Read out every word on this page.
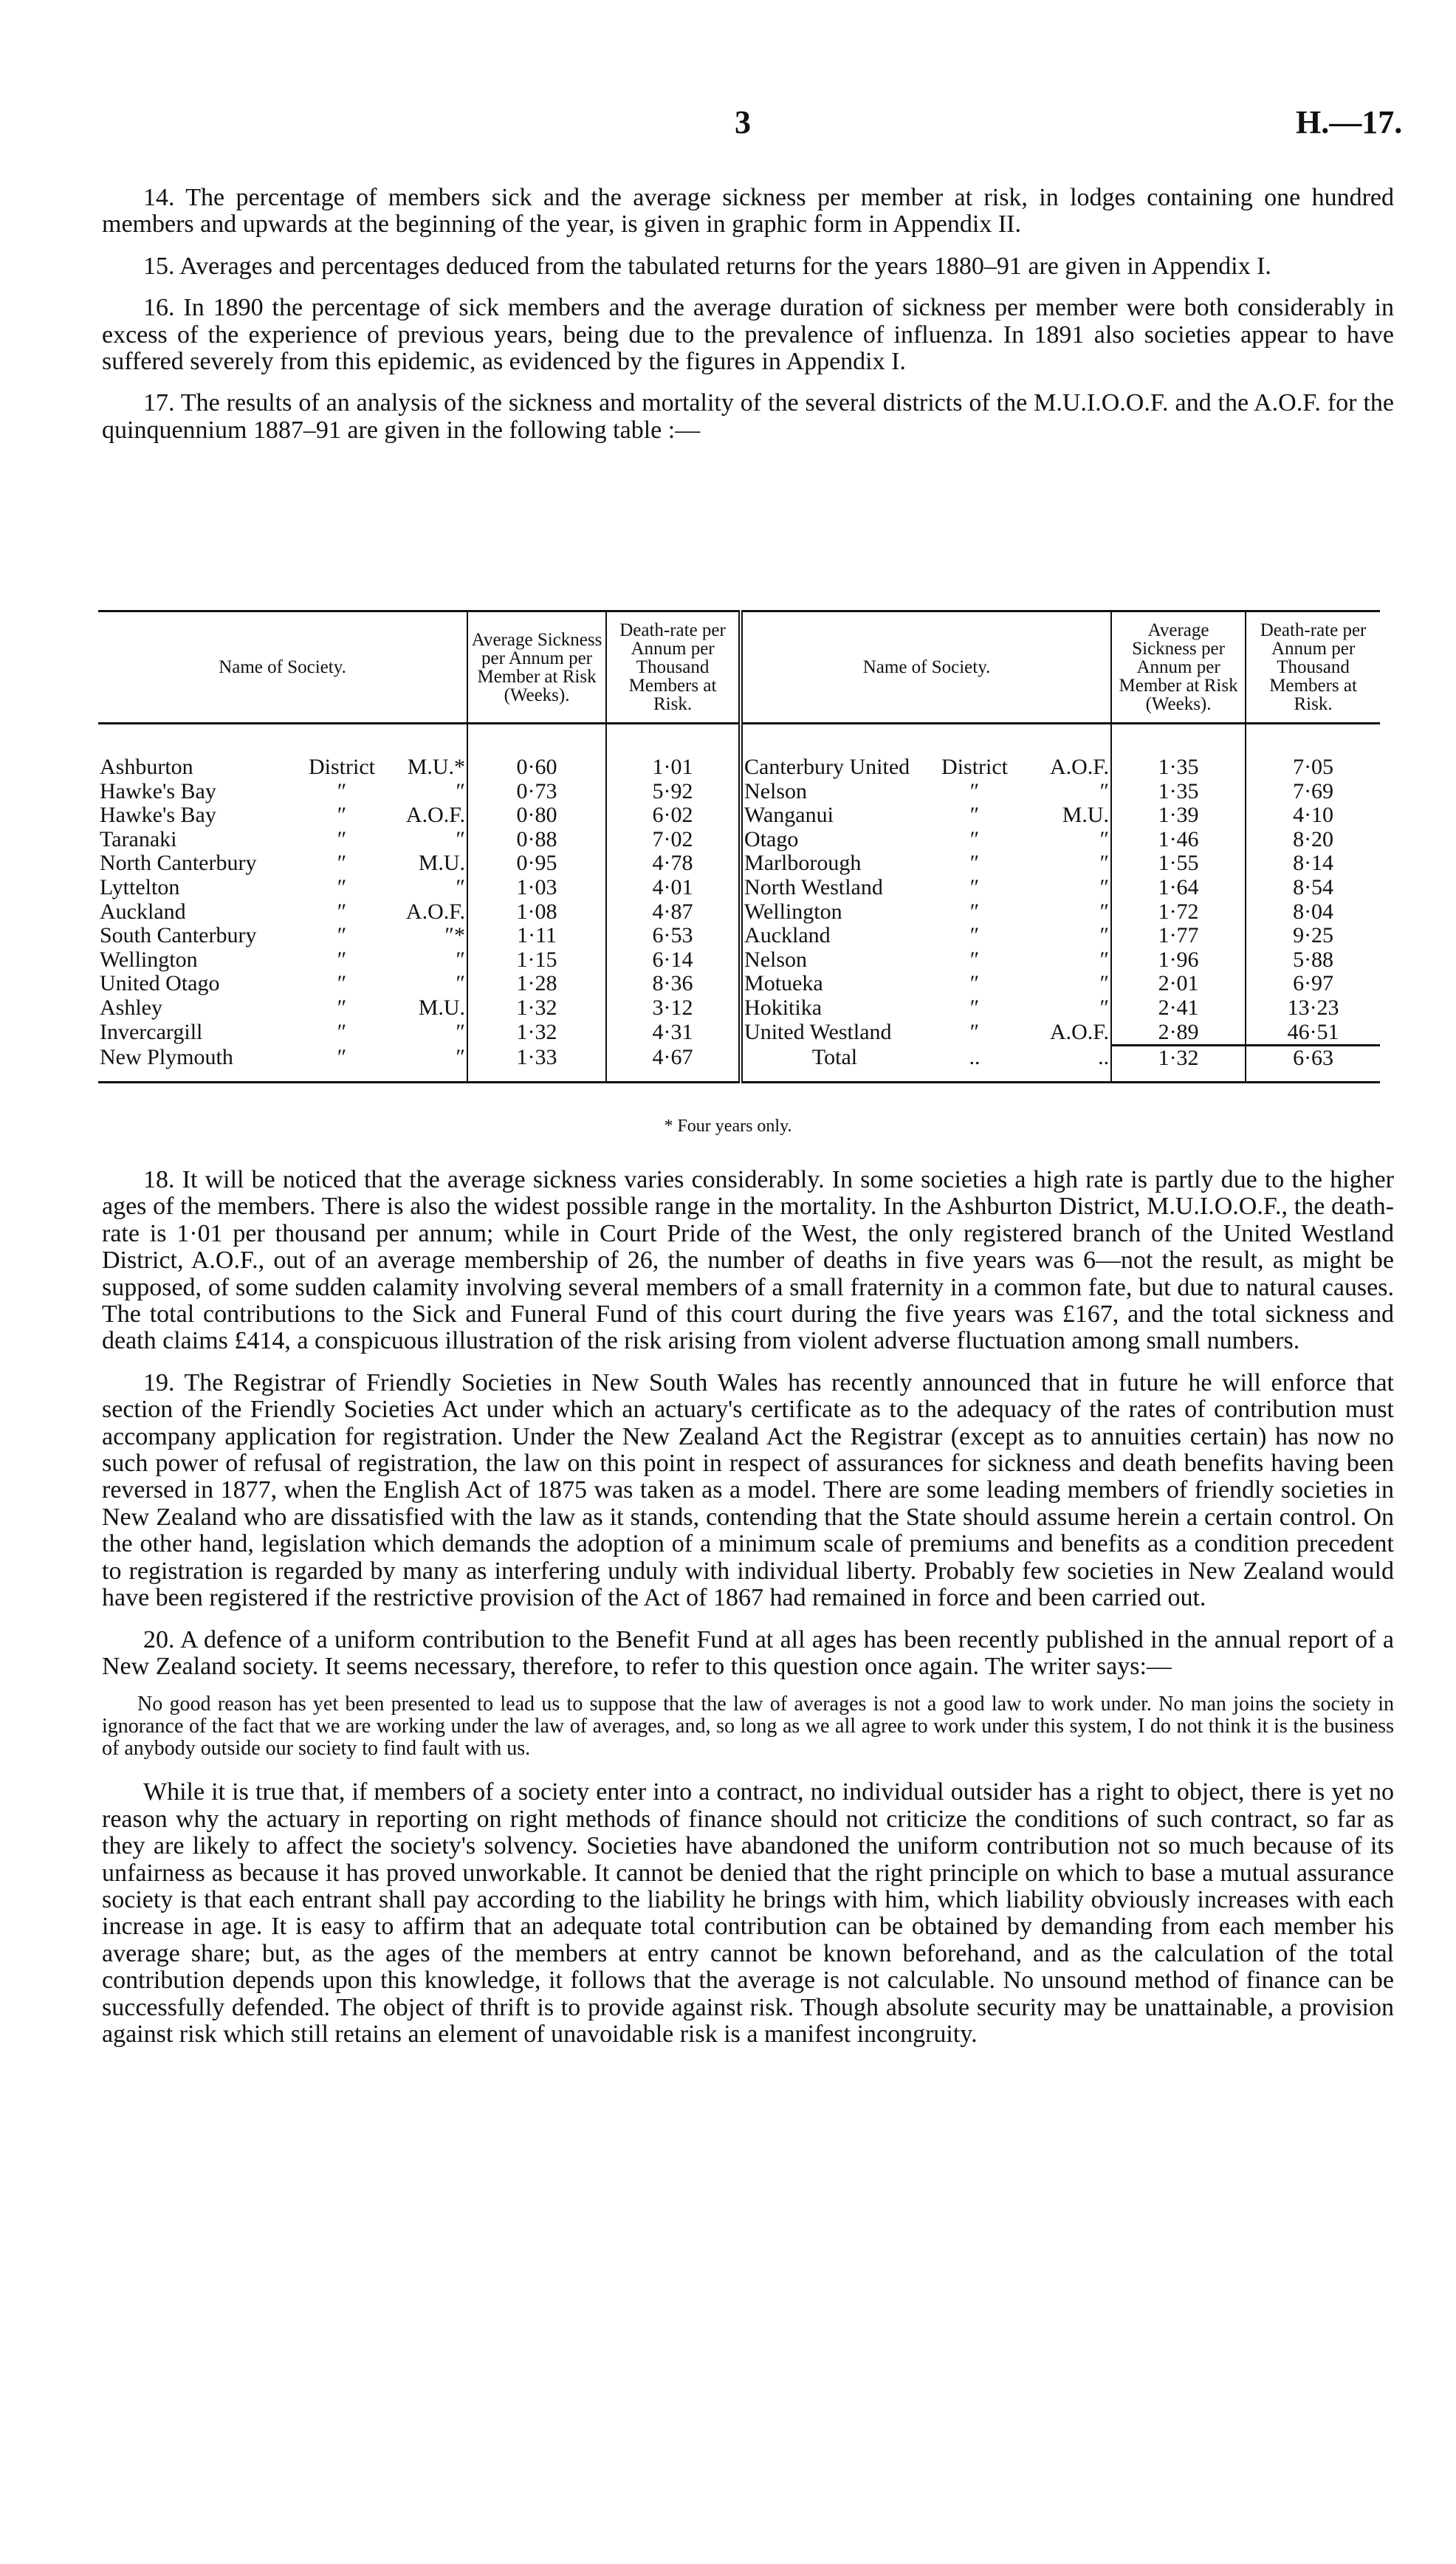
3	H.—17.

14. The percentage of members sick and the average sickness per member at risk, in lodges containing one hundred members and upwards at the beginning of the year, is given in graphic form in Appendix II.

15. Averages and percentages deduced from the tabulated returns for the years 1880–91 are given in Appendix I.

16. In 1890 the percentage of sick members and the average duration of sickness per member were both considerably in excess of the experience of previous years, being due to the prevalence of influenza. In 1891 also societies appear to have suffered severely from this epidemic, as evidenced by the figures in Appendix I.

17. The results of an analysis of the sickness and mortality of the several districts of the M.U.I.O.O.F. and the A.O.F. for the quinquennium 1887–91 are given in the following table :—

Name of Society.			Average Sickness per Annum per Member at Risk (Weeks).	Death-rate per Annum per Thousand Members at Risk.	Name of Society.			Average Sickness per Annum per Member at Risk (Weeks).	Death-rate per Annum per Thousand Members at Risk.
Ashburton	District	M.U.*	0·60	1·01	Canterbury United	District	A.O.F.	1·35	7·05
Hawke's Bay	″	″	0·73	5·92	Nelson	″	″	1·35	7·69
Hawke's Bay	″	A.O.F.	0·80	6·02	Wanganui	″	M.U.	1·39	4·10
Taranaki	″	″	0·88	7·02	Otago	″	″	1·46	8·20
North Canterbury	″	M.U.	0·95	4·78	Marlborough	″	″	1·55	8·14
Lyttelton	″	″	1·03	4·01	North Westland	″	″	1·64	8·54
Auckland	″	A.O.F.	1·08	4·87	Wellington	″	″	1·72	8·04
South Canterbury	″	″*	1·11	6·53	Auckland	″	″	1·77	9·25
Wellington	″	″	1·15	6·14	Nelson	″	″	1·96	5·88
United Otago	″	″	1·28	8·36	Motueka	″	″	2·01	6·97
Ashley	″	M.U.	1·32	3·12	Hokitika	″	″	2·41	13·23
Invercargill	″	″	1·32	4·31	United Westland	″	A.O.F.	2·89	46·51
New Plymouth	″	″	1·33	4·67	Total	..	..	1·32	6·63
* Four years only.

18. It will be noticed that the average sickness varies considerably. In some societies a high rate is partly due to the higher ages of the members. There is also the widest possible range in the mortality. In the Ashburton District, M.U.I.O.O.F., the death-rate is 1·01 per thousand per annum; while in Court Pride of the West, the only registered branch of the United Westland District, A.O.F., out of an average membership of 26, the number of deaths in five years was 6—not the result, as might be supposed, of some sudden calamity involving several members of a small fraternity in a common fate, but due to natural causes. The total contributions to the Sick and Funeral Fund of this court during the five years was £167, and the total sickness and death claims £414, a conspicuous illustration of the risk arising from violent adverse fluctuation among small numbers.

19. The Registrar of Friendly Societies in New South Wales has recently announced that in future he will enforce that section of the Friendly Societies Act under which an actuary's certificate as to the adequacy of the rates of contribution must accompany application for registration. Under the New Zealand Act the Registrar (except as to annuities certain) has now no such power of refusal of registration, the law on this point in respect of assurances for sickness and death benefits having been reversed in 1877, when the English Act of 1875 was taken as a model. There are some leading members of friendly societies in New Zealand who are dissatisfied with the law as it stands, contending that the State should assume herein a certain control. On the other hand, legislation which demands the adoption of a minimum scale of premiums and benefits as a condition precedent to registration is regarded by many as interfering unduly with individual liberty. Probably few societies in New Zealand would have been registered if the restrictive provision of the Act of 1867 had remained in force and been carried out.

20. A defence of a uniform contribution to the Benefit Fund at all ages has been recently published in the annual report of a New Zealand society. It seems necessary, therefore, to refer to this question once again. The writer says:—

No good reason has yet been presented to lead us to suppose that the law of averages is not a good law to work under. No man joins the society in ignorance of the fact that we are working under the law of averages, and, so long as we all agree to work under this system, I do not think it is the business of anybody outside our society to find fault with us.

While it is true that, if members of a society enter into a contract, no individual outsider has a right to object, there is yet no reason why the actuary in reporting on right methods of finance should not criticize the conditions of such contract, so far as they are likely to affect the society's solvency. Societies have abandoned the uniform contribution not so much because of its unfairness as because it has proved unworkable. It cannot be denied that the right principle on which to base a mutual assurance society is that each entrant shall pay according to the liability he brings with him, which liability obviously increases with each increase in age. It is easy to affirm that an adequate total contribution can be obtained by demanding from each member his average share; but, as the ages of the members at entry cannot be known beforehand, and as the calculation of the total contribution depends upon this knowledge, it follows that the average is not calculable. No unsound method of finance can be successfully defended. The object of thrift is to provide against risk. Though absolute security may be unattainable, a provision against risk which still retains an element of unavoidable risk is a manifest incongruity.
